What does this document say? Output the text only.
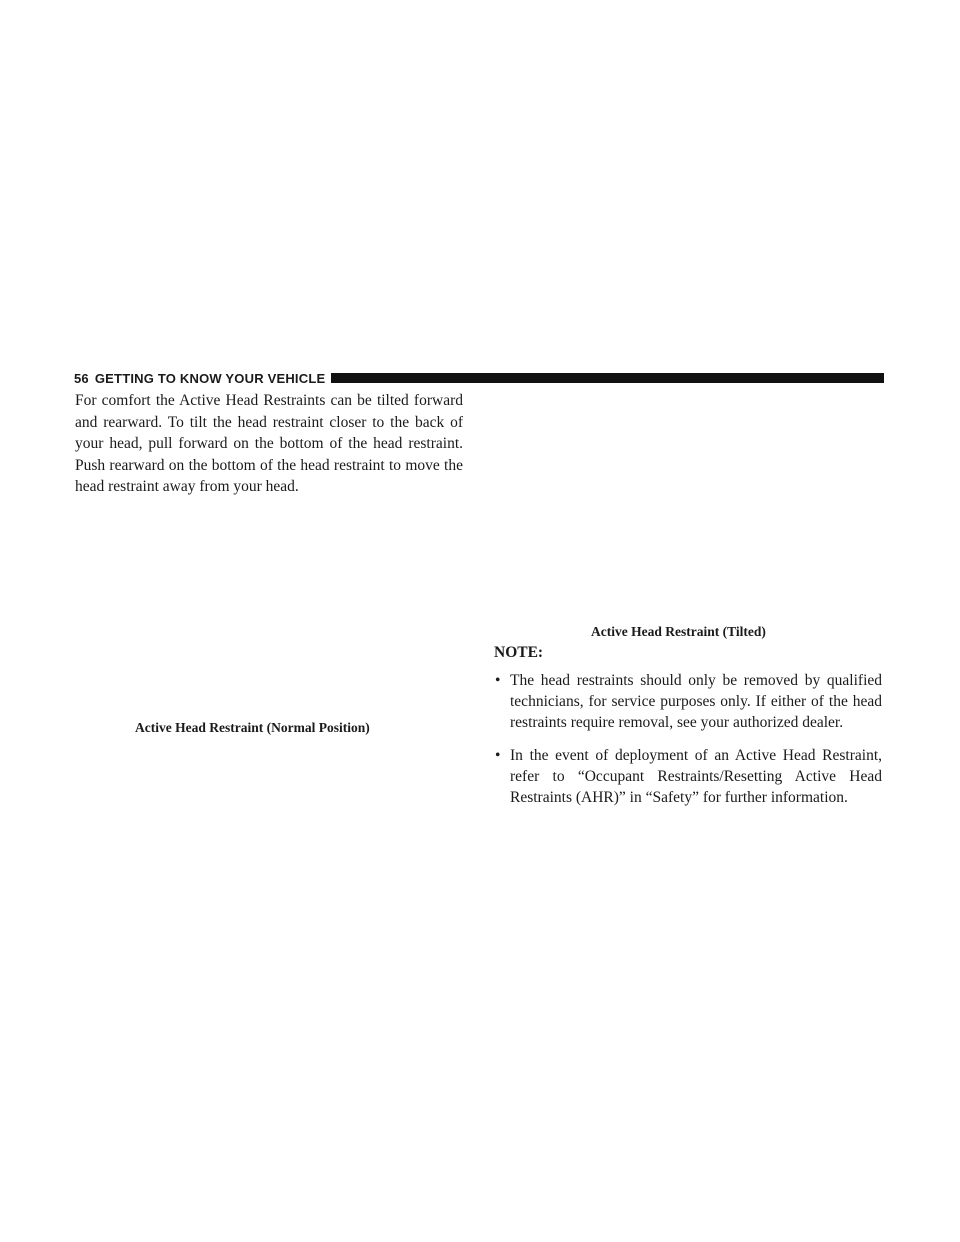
56 GETTING TO KNOW YOUR VEHICLE

For comfort the Active Head Restraints can be tilted forward and rearward. To tilt the head restraint closer to the back of your head, pull forward on the bottom of the head restraint. Push rearward on the bottom of the head restraint to move the head restraint away from your head.

Active Head Restraint (Normal Position)

Active Head Restraint (Tilted)

NOTE:

• The head restraints should only be removed by qualified technicians, for service purposes only. If either of the head restraints require removal, see your authorized dealer.
• In the event of deployment of an Active Head Restraint, refer to “Occupant Restraints/Resetting Active Head Restraints (AHR)” in “Safety” for further information.
